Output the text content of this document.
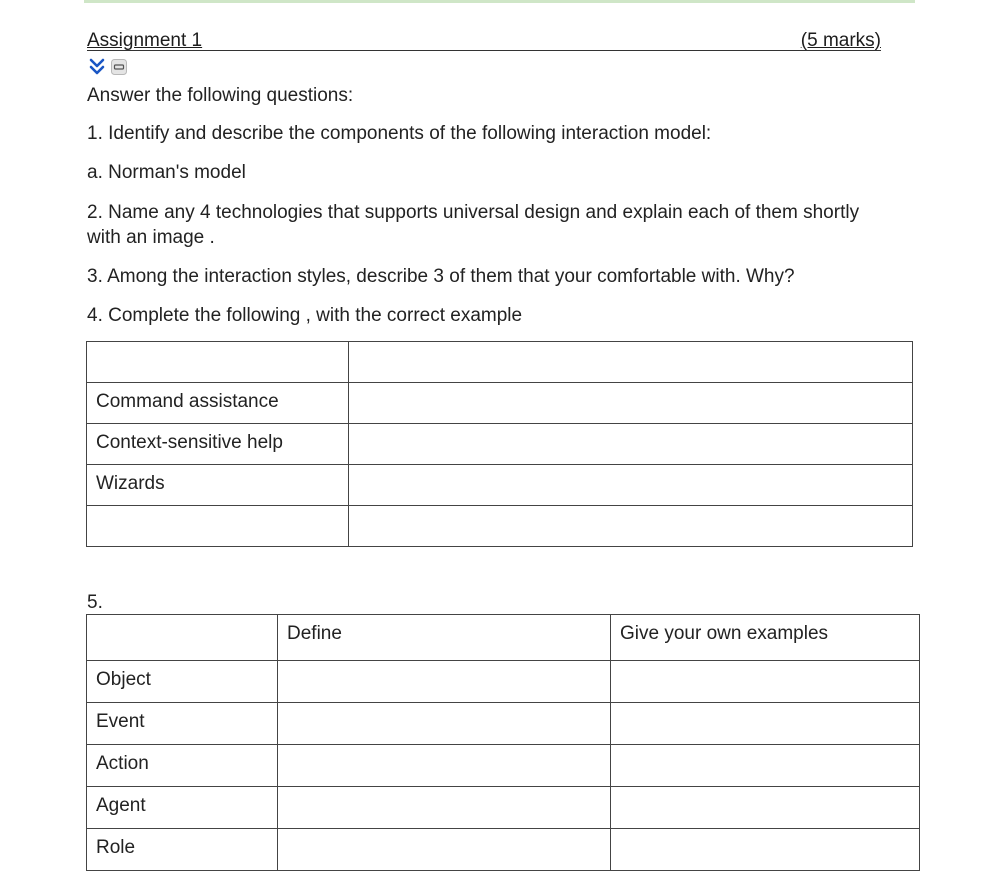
Assignment 1	(5 marks)
Answer the following questions:
1. Identify and describe the components of the following interaction model:
a. Norman's model
2. Name any 4 technologies that supports universal design and explain each of them shortly with an image .
3. Among the interaction styles, describe 3 of them that your comfortable with. Why?
4. Complete the following , with the correct example

Command assistance	

Context-sensitive help	

Wizards	

5.

	Define	Give your own examples

Object		

Event		

Action		

Agent		

Role		
